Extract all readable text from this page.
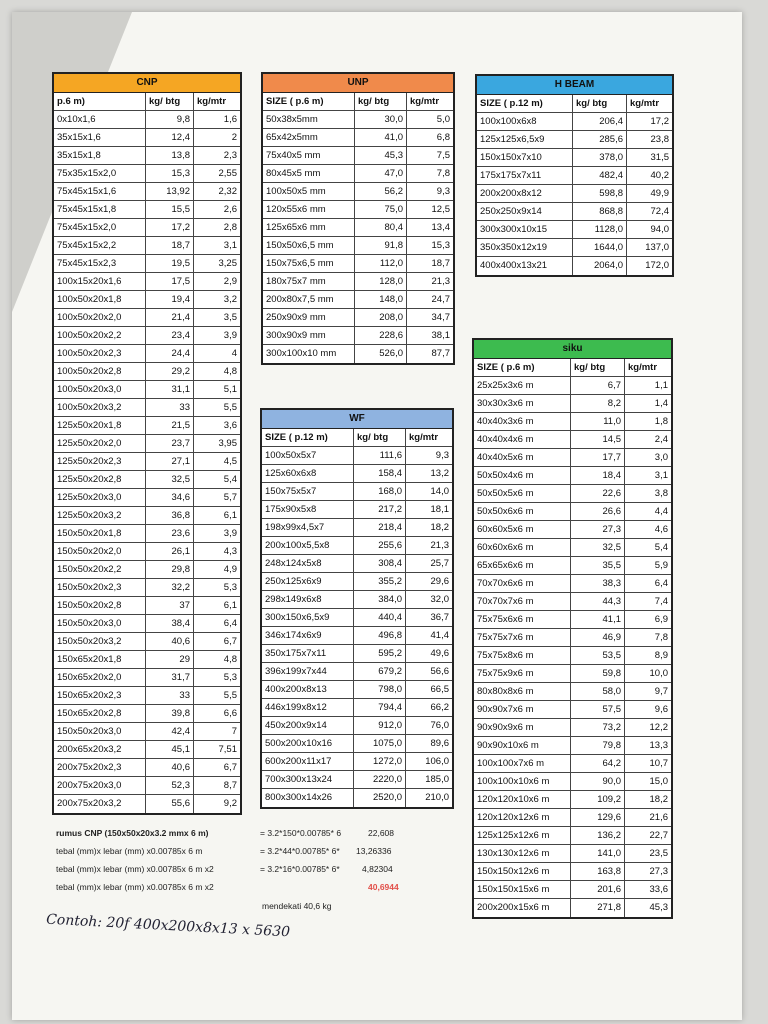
CNP
p.6 m)	kg/ btg	kg/mtr
0x10x1,6	9,8	1,6
35x15x1,6	12,4	2
35x15x1,8	13,8	2,3
75x35x15x2,0	15,3	2,55
75x45x15x1,6	13,92	2,32
75x45x15x1,8	15,5	2,6
75x45x15x2,0	17,2	2,8
75x45x15x2,2	18,7	3,1
75x45x15x2,3	19,5	3,25
100x15x20x1,6	17,5	2,9
100x50x20x1,8	19,4	3,2
100x50x20x2,0	21,4	3,5
100x50x20x2,2	23,4	3,9
100x50x20x2,3	24,4	4
100x50x20x2,8	29,2	4,8
100x50x20x3,0	31,1	5,1
100x50x20x3,2	33	5,5
125x50x20x1,8	21,5	3,6
125x50x20x2,0	23,7	3,95
125x50x20x2,3	27,1	4,5
125x50x20x2,8	32,5	5,4
125x50x20x3,0	34,6	5,7
125x50x20x3,2	36,8	6,1
150x50x20x1,8	23,6	3,9
150x50x20x2,0	26,1	4,3
150x50x20x2,2	29,8	4,9
150x50x20x2,3	32,2	5,3
150x50x20x2,8	37	6,1
150x50x20x3,0	38,4	6,4
150x50x20x3,2	40,6	6,7
150x65x20x1,8	29	4,8
150x65x20x2,0	31,7	5,3
150x65x20x2,3	33	5,5
150x65x20x2,8	39,8	6,6
150x50x20x3,0	42,4	7
200x65x20x3,2	45,1	7,51
200x75x20x2,3	40,6	6,7
200x75x20x3,0	52,3	8,7
200x75x20x3,2	55,6	9,2
UNP
SIZE ( p.6 m)	kg/ btg	kg/mtr
50x38x5mm	30,0	5,0
65x42x5mm	41,0	6,8
75x40x5 mm	45,3	7,5
80x45x5 mm	47,0	7,8
100x50x5 mm	56,2	9,3
120x55x6 mm	75,0	12,5
125x65x6 mm	80,4	13,4
150x50x6,5 mm	91,8	15,3
150x75x6,5 mm	112,0	18,7
180x75x7 mm	128,0	21,3
200x80x7,5 mm	148,0	24,7
250x90x9 mm	208,0	34,7
300x90x9 mm	228,6	38,1
300x100x10 mm	526,0	87,7
WF
SIZE ( p.12 m)	kg/ btg	kg/mtr
100x50x5x7	111,6	9,3
125x60x6x8	158,4	13,2
150x75x5x7	168,0	14,0
175x90x5x8	217,2	18,1
198x99x4,5x7	218,4	18,2
200x100x5,5x8	255,6	21,3
248x124x5x8	308,4	25,7
250x125x6x9	355,2	29,6
298x149x6x8	384,0	32,0
300x150x6,5x9	440,4	36,7
346x174x6x9	496,8	41,4
350x175x7x11	595,2	49,6
396x199x7x44	679,2	56,6
400x200x8x13	798,0	66,5
446x199x8x12	794,4	66,2
450x200x9x14	912,0	76,0
500x200x10x16	1075,0	89,6
600x200x11x17	1272,0	106,0
700x300x13x24	2220,0	185,0
800x300x14x26	2520,0	210,0
H BEAM
SIZE ( p.12 m)	kg/ btg	kg/mtr
100x100x6x8	206,4	17,2
125x125x6,5x9	285,6	23,8
150x150x7x10	378,0	31,5
175x175x7x11	482,4	40,2
200x200x8x12	598,8	49,9
250x250x9x14	868,8	72,4
300x300x10x15	1128,0	94,0
350x350x12x19	1644,0	137,0
400x400x13x21	2064,0	172,0
siku
SIZE ( p.6 m)	kg/ btg	kg/mtr
25x25x3x6 m	6,7	1,1
30x30x3x6 m	8,2	1,4
40x40x3x6 m	11,0	1,8
40x40x4x6 m	14,5	2,4
40x40x5x6 m	17,7	3,0
50x50x4x6 m	18,4	3,1
50x50x5x6 m	22,6	3,8
50x50x6x6 m	26,6	4,4
60x60x5x6 m	27,3	4,6
60x60x6x6 m	32,5	5,4
65x65x6x6 m	35,5	5,9
70x70x6x6 m	38,3	6,4
70x70x7x6 m	44,3	7,4
75x75x6x6 m	41,1	6,9
75x75x7x6 m	46,9	7,8
75x75x8x6 m	53,5	8,9
75x75x9x6 m	59,8	10,0
80x80x8x6 m	58,0	9,7
90x90x7x6 m	57,5	9,6
90x90x9x6 m	73,2	12,2
90x90x10x6 m	79,8	13,3
100x100x7x6 m	64,2	10,7
100x100x10x6 m	90,0	15,0
120x120x10x6 m	109,2	18,2
120x120x12x6 m	129,6	21,6
125x125x12x6 m	136,2	22,7
130x130x12x6 m	141,0	23,5
150x150x12x6 m	163,8	27,3
150x150x15x6 m	201,6	33,6
200x200x15x6 m	271,8	45,3
rumus CNP (150x50x20x3.2 mmx 6 m)
tebal (mm)x lebar (mm) x0.00785x 6 m
tebal (mm)x lebar (mm) x0.00785x 6 m x2
tebal (mm)x lebar (mm) x0.00785x 6 m x2
= 3.2*150*0.00785* 6	22,608
= 3.2*44*0.00785* 6* 13,26336
= 3.2*16*0.00785* 6*	4,82304
40,6944
mendekati 40,6 kg
Contoh: 20f 400x200x8x13 x 5630
